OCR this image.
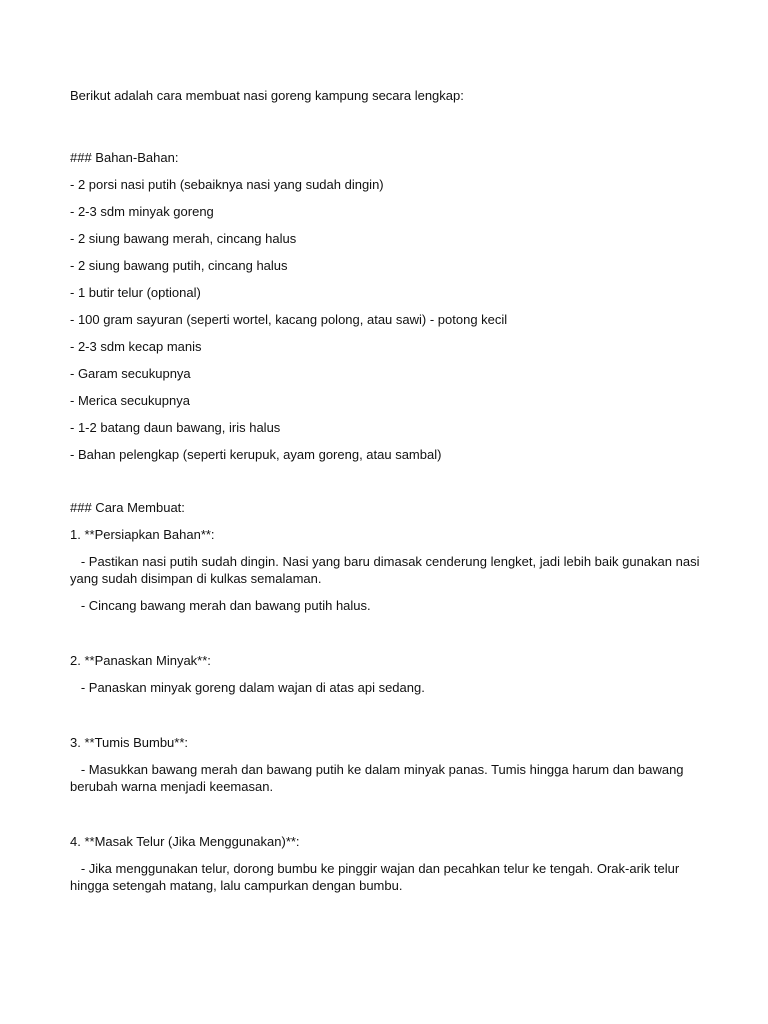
Berikut adalah cara membuat nasi goreng kampung secara lengkap:

### Bahan-Bahan:

- 2 porsi nasi putih (sebaiknya nasi yang sudah dingin)

- 2-3 sdm minyak goreng

- 2 siung bawang merah, cincang halus

- 2 siung bawang putih, cincang halus

- 1 butir telur (optional)

- 100 gram sayuran (seperti wortel, kacang polong, atau sawi) - potong kecil

- 2-3 sdm kecap manis

- Garam secukupnya

- Merica secukupnya

- 1-2 batang daun bawang, iris halus

- Bahan pelengkap (seperti kerupuk, ayam goreng, atau sambal)

### Cara Membuat:

1. **Persiapkan Bahan**:

- Pastikan nasi putih sudah dingin. Nasi yang baru dimasak cenderung lengket, jadi lebih baik gunakan nasi yang sudah disimpan di kulkas semalaman.

- Cincang bawang merah dan bawang putih halus.

2. **Panaskan Minyak**:

- Panaskan minyak goreng dalam wajan di atas api sedang.

3. **Tumis Bumbu**:

- Masukkan bawang merah dan bawang putih ke dalam minyak panas. Tumis hingga harum dan bawang berubah warna menjadi keemasan.

4. **Masak Telur (Jika Menggunakan)**:

- Jika menggunakan telur, dorong bumbu ke pinggir wajan dan pecahkan telur ke tengah. Orak-arik telur hingga setengah matang, lalu campurkan dengan bumbu.
